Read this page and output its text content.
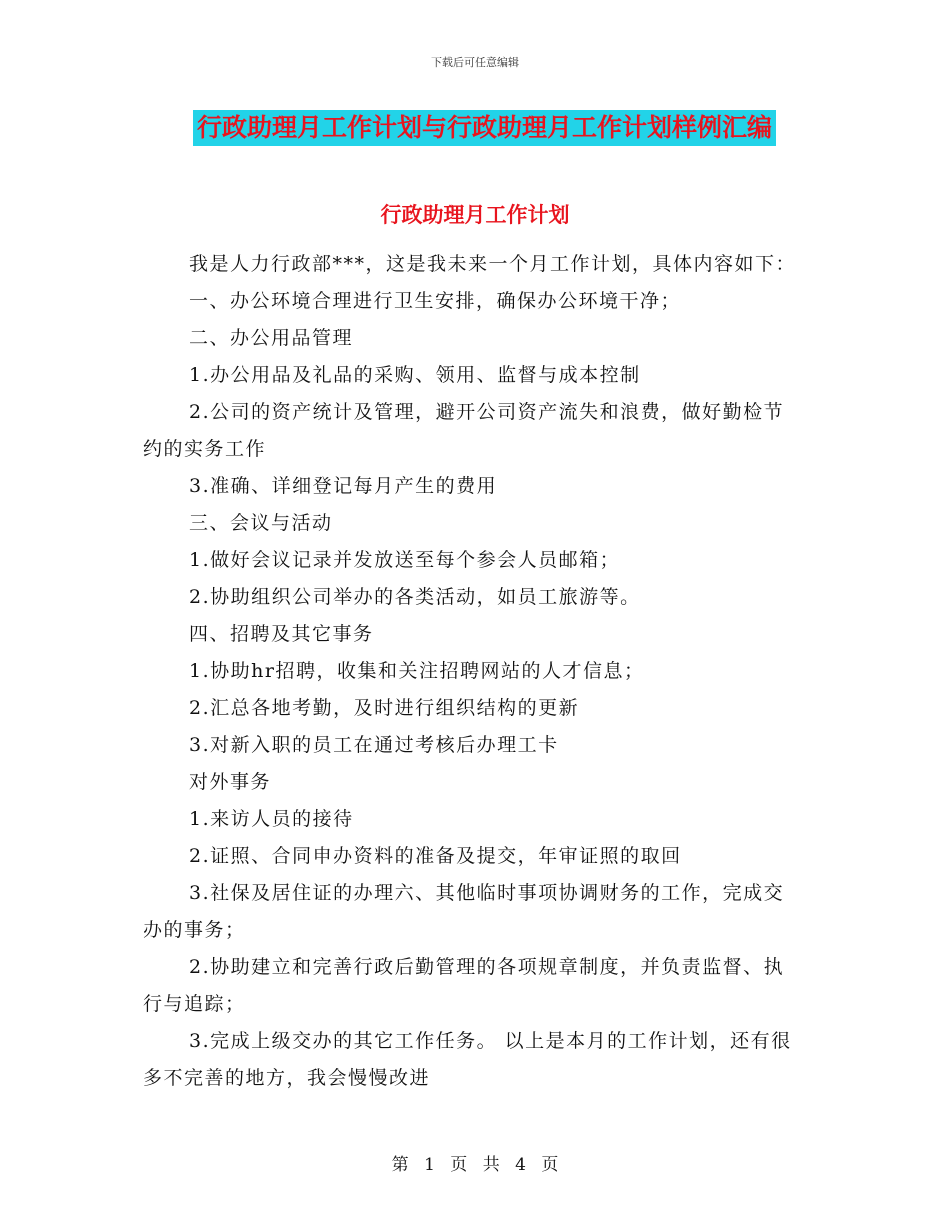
下载后可任意编辑
行政助理月工作计划与行政助理月工作计划样例汇编
行政助理月工作计划

我是人力行政部***，这是我未来一个月工作计划，具体内容如下：

一、办公环境合理进行卫生安排，确保办公环境干净；

二、办公用品管理

1.办公用品及礼品的采购、领用、监督与成本控制

2.公司的资产统计及管理，避开公司资产流失和浪费，做好勤检节约的实务工作

3.准确、详细登记每月产生的费用

三、会议与活动

1.做好会议记录并发放送至每个参会人员邮箱；

2.协助组织公司举办的各类活动，如员工旅游等。

四、招聘及其它事务

1.协助hr招聘，收集和关注招聘网站的人才信息；

2.汇总各地考勤，及时进行组织结构的更新

3.对新入职的员工在通过考核后办理工卡

对外事务

1.来访人员的接待

2.证照、合同申办资料的准备及提交，年审证照的取回

3.社保及居住证的办理六、其他临时事项协调财务的工作，完成交办的事务；

2.协助建立和完善行政后勤管理的各项规章制度，并负责监督、执行与追踪；

3.完成上级交办的其它工作任务。 以上是本月的工作计划，还有很多不完善的地方，我会慢慢改进

第 1 页 共 4 页
